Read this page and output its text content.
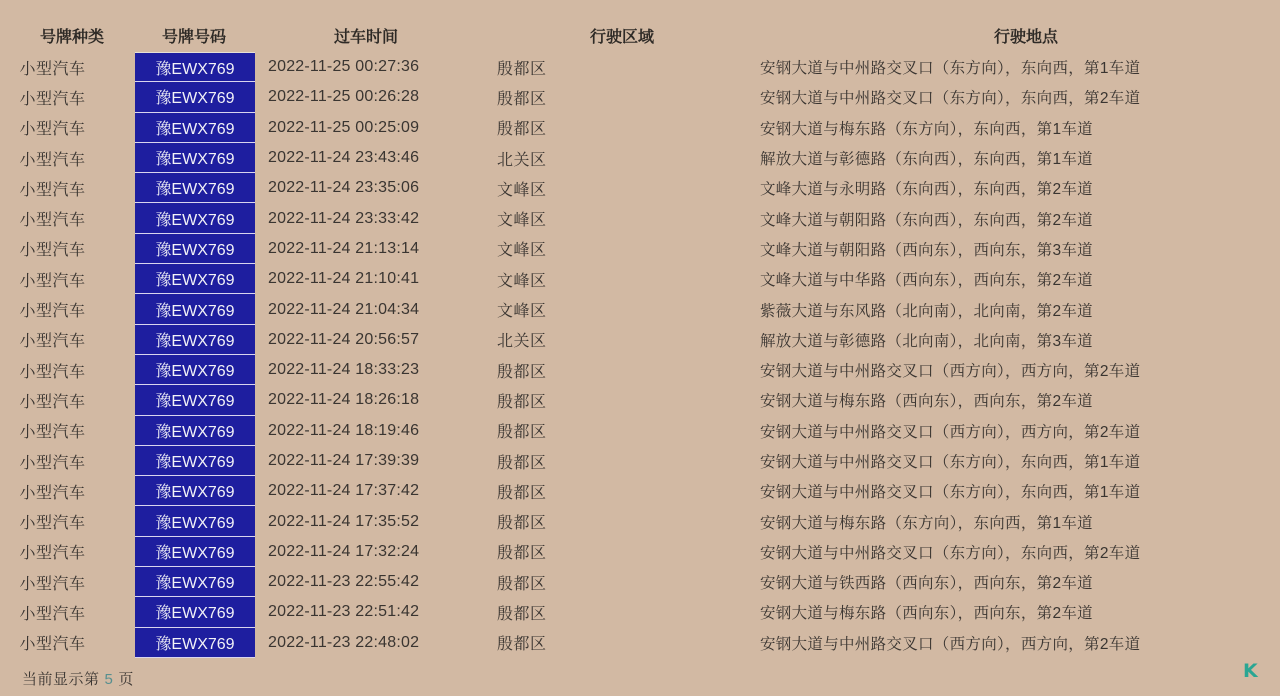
号牌种类	号牌号码	过车时间	行驶区域	行驶地点
小型汽车	豫EWX769	2022-11-25 00:27:36	殷都区	安钢大道与中州路交叉口（东方向），东向西，第1车道
小型汽车	豫EWX769	2022-11-25 00:26:28	殷都区	安钢大道与中州路交叉口（东方向），东向西，第2车道
小型汽车	豫EWX769	2022-11-25 00:25:09	殷都区	安钢大道与梅东路（东方向），东向西，第1车道
小型汽车	豫EWX769	2022-11-24 23:43:46	北关区	解放大道与彰德路（东向西），东向西，第1车道
小型汽车	豫EWX769	2022-11-24 23:35:06	文峰区	文峰大道与永明路（东向西），东向西，第2车道
小型汽车	豫EWX769	2022-11-24 23:33:42	文峰区	文峰大道与朝阳路（东向西），东向西，第2车道
小型汽车	豫EWX769	2022-11-24 21:13:14	文峰区	文峰大道与朝阳路（西向东），西向东，第3车道
小型汽车	豫EWX769	2022-11-24 21:10:41	文峰区	文峰大道与中华路（西向东），西向东，第2车道
小型汽车	豫EWX769	2022-11-24 21:04:34	文峰区	紫薇大道与东风路（北向南），北向南，第2车道
小型汽车	豫EWX769	2022-11-24 20:56:57	北关区	解放大道与彰德路（北向南），北向南，第3车道
小型汽车	豫EWX769	2022-11-24 18:33:23	殷都区	安钢大道与中州路交叉口（西方向），西方向，第2车道
小型汽车	豫EWX769	2022-11-24 18:26:18	殷都区	安钢大道与梅东路（西向东），西向东，第2车道
小型汽车	豫EWX769	2022-11-24 18:19:46	殷都区	安钢大道与中州路交叉口（西方向），西方向，第2车道
小型汽车	豫EWX769	2022-11-24 17:39:39	殷都区	安钢大道与中州路交叉口（东方向），东向西，第1车道
小型汽车	豫EWX769	2022-11-24 17:37:42	殷都区	安钢大道与中州路交叉口（东方向），东向西，第1车道
小型汽车	豫EWX769	2022-11-24 17:35:52	殷都区	安钢大道与梅东路（东方向），东向西，第1车道
小型汽车	豫EWX769	2022-11-24 17:32:24	殷都区	安钢大道与中州路交叉口（东方向），东向西，第2车道
小型汽车	豫EWX769	2022-11-23 22:55:42	殷都区	安钢大道与铁西路（西向东），西向东，第2车道
小型汽车	豫EWX769	2022-11-23 22:51:42	殷都区	安钢大道与梅东路（西向东），西向东，第2车道
小型汽车	豫EWX769	2022-11-23 22:48:02	殷都区	安钢大道与中州路交叉口（西方向），西方向，第2车道
当前显示第 5 页	K
